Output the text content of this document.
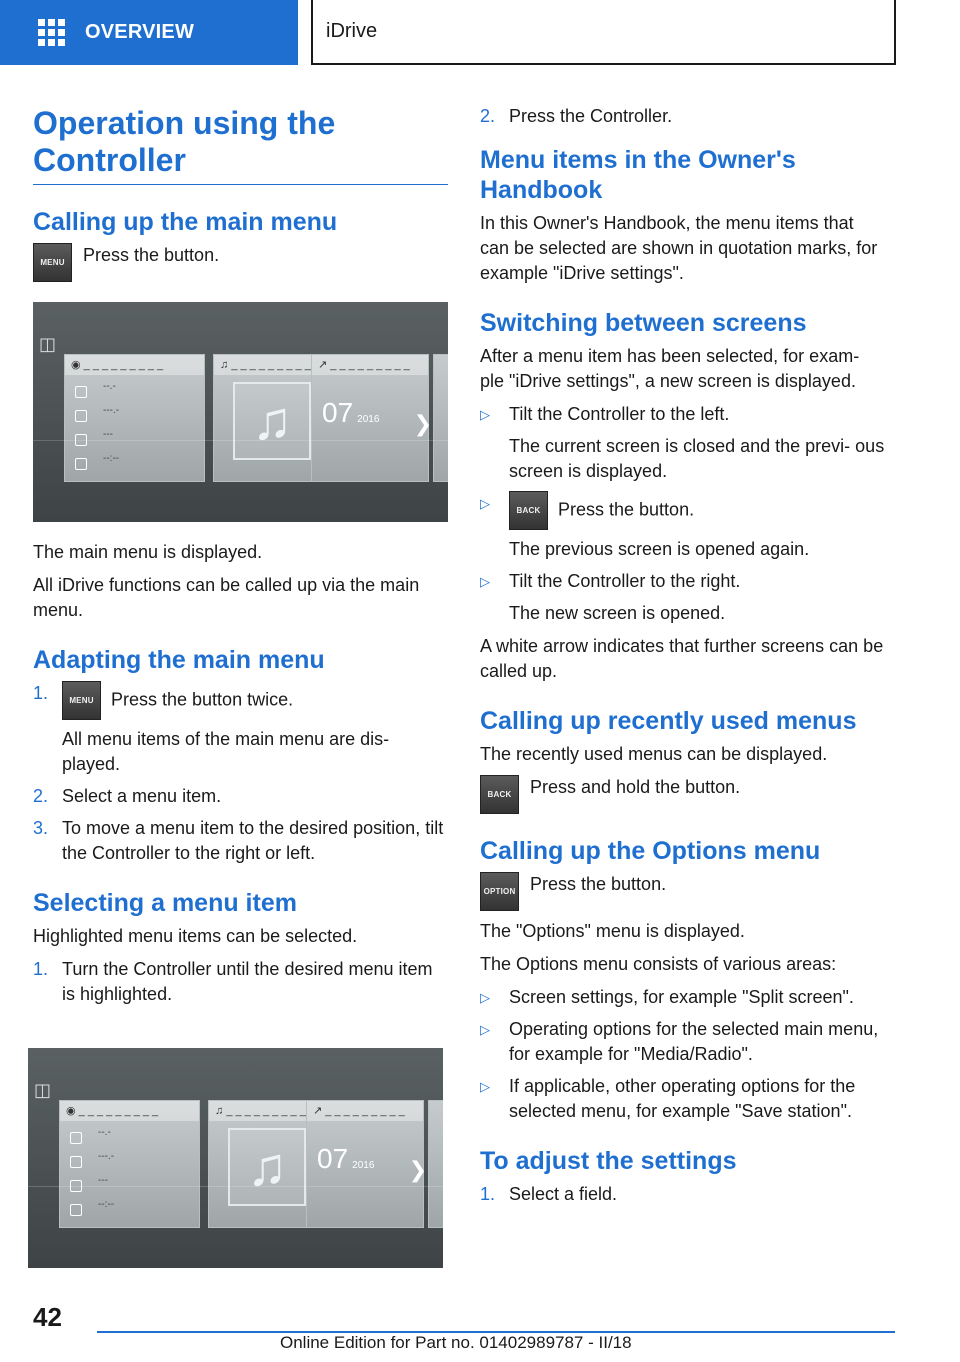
OVERVIEW	iDrive
Operation using the Controller
Calling up the main menu
MENU	Press the button.
◫
◉ _ _ _ _ _ _ _ _ _
--.-
---.-
---
--:--
♫ _ _ _ _ _ _ _ _ _
♫
↗ _ _ _ _ _ _ _ _ _
07 2016 ❯

The main menu is displayed.

All iDrive functions can be called up via the main menu.

Adapting the main menu
1.	MENU Press the button twice.
All menu items of the main menu are dis‐ played.
2. Select a menu item.
3. To move a menu item to the desired position, tilt the Controller to the right or left.
Selecting a menu item

Highlighted menu items can be selected.

1. Turn the Controller until the desired menu item is highlighted.
◫
◉ _ _ _ _ _ _ _ _ _
--.-
---.-
---
--:--
♫ _ _ _ _ _ _ _ _ _
♫
↗ _ _ _ _ _ _ _ _ _
07 2016 ❯
2. Press the Controller.
Menu items in the Owner's Handbook

In this Owner's Handbook, the menu items that can be selected are shown in quotation marks, for example "iDrive settings".

Switching between screens

After a menu item has been selected, for exam‐ ple "iDrive settings", a new screen is displayed.

▷	Tilt the Controller to the left.
The current screen is closed and the previ‐ ous screen is displayed.
▷	BACK Press the button.
The previous screen is opened again.
▷	Tilt the Controller to the right.
The new screen is opened.

A white arrow indicates that further screens can be called up.

Calling up recently used menus

The recently used menus can be displayed.

BACK	Press and hold the button.
Calling up the Options menu
OPTION Press the button.

The "Options" menu is displayed.

The Options menu consists of various areas:

▷	Screen settings, for example "Split screen".
▷	Operating options for the selected main menu, for example for "Media/Radio".
▷	If applicable, other operating options for the selected menu, for example "Save station".
To adjust the settings
1. Select a field.
42
Online Edition for Part no. 01402989787 - II/18
